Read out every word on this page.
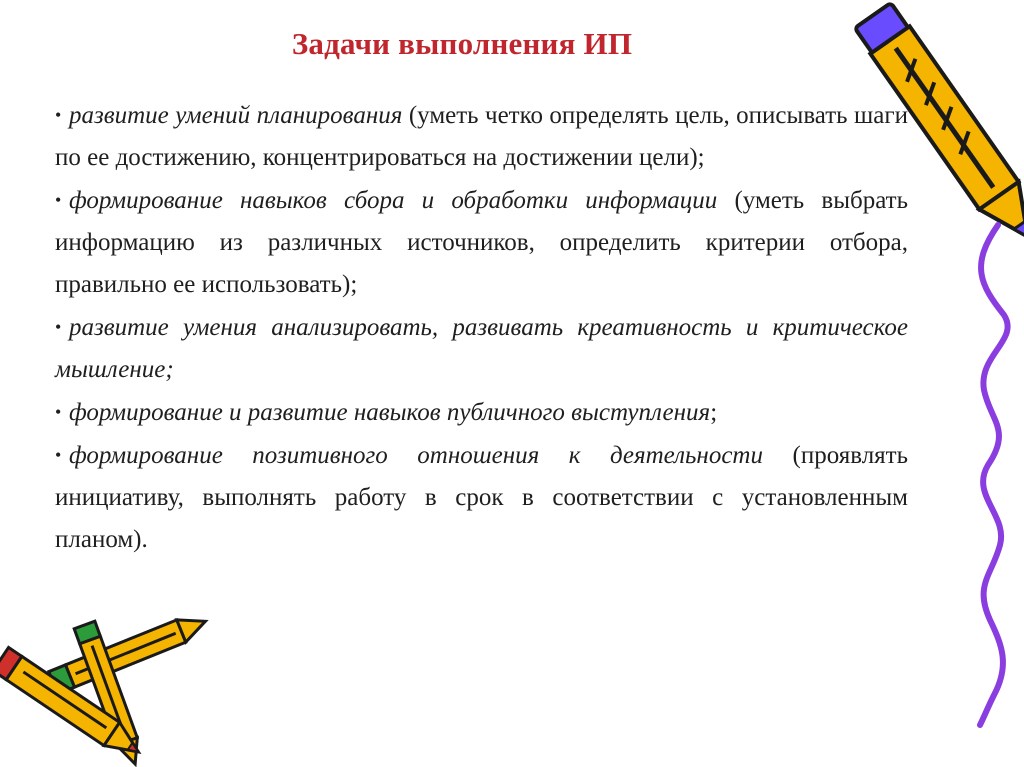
Задачи выполнения ИП

• развитие умений планирования (уметь четко определять цель, описывать шаги по ее достижению, концентрироваться на достижении цели);

• формирование навыков сбора и обработки информации (уметь выбрать информацию из различных источников, определить критерии отбора, правильно ее использовать);

• развитие умения анализировать, развивать креативность и критическое мышление;

• формирование и развитие навыков публичного выступления;

• формирование позитивного отношения к деятельности (проявлять инициативу, выполнять работу в срок в соответствии с установленным планом).
